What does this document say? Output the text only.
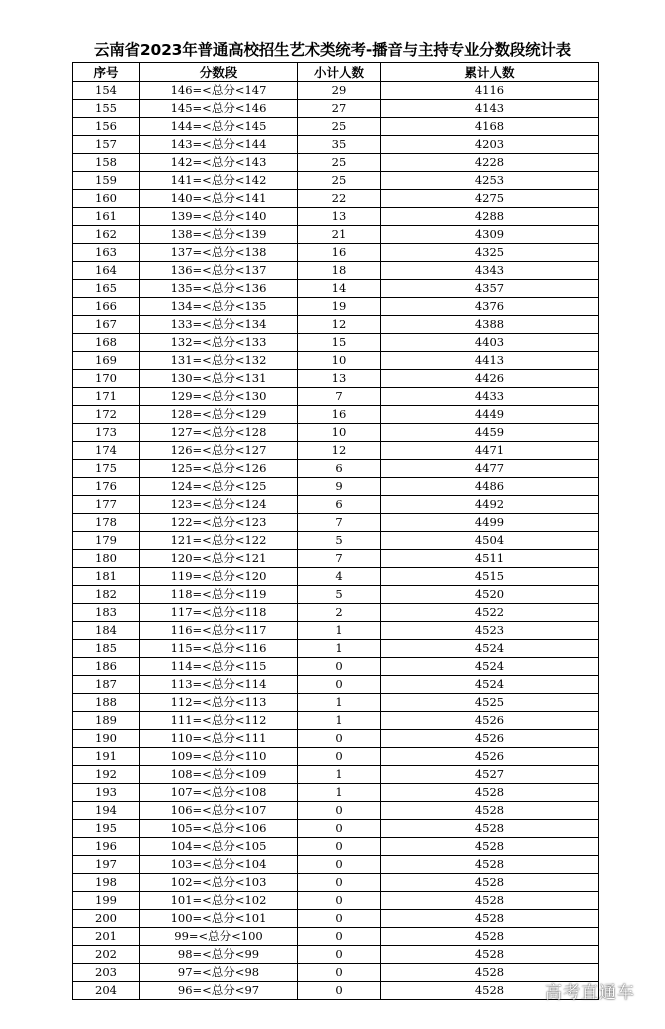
云南省2023年普通高校招生艺术类统考-播音与主持专业分数段统计表
序号	分数段	小计人数	累计人数
154	146=<总分<147	29	4116
155	145=<总分<146	27	4143
156	144=<总分<145	25	4168
157	143=<总分<144	35	4203
158	142=<总分<143	25	4228
159	141=<总分<142	25	4253
160	140=<总分<141	22	4275
161	139=<总分<140	13	4288
162	138=<总分<139	21	4309
163	137=<总分<138	16	4325
164	136=<总分<137	18	4343
165	135=<总分<136	14	4357
166	134=<总分<135	19	4376
167	133=<总分<134	12	4388
168	132=<总分<133	15	4403
169	131=<总分<132	10	4413
170	130=<总分<131	13	4426
171	129=<总分<130	7	4433
172	128=<总分<129	16	4449
173	127=<总分<128	10	4459
174	126=<总分<127	12	4471
175	125=<总分<126	6	4477
176	124=<总分<125	9	4486
177	123=<总分<124	6	4492
178	122=<总分<123	7	4499
179	121=<总分<122	5	4504
180	120=<总分<121	7	4511
181	119=<总分<120	4	4515
182	118=<总分<119	5	4520
183	117=<总分<118	2	4522
184	116=<总分<117	1	4523
185	115=<总分<116	1	4524
186	114=<总分<115	0	4524
187	113=<总分<114	0	4524
188	112=<总分<113	1	4525
189	111=<总分<112	1	4526
190	110=<总分<111	0	4526
191	109=<总分<110	0	4526
192	108=<总分<109	1	4527
193	107=<总分<108	1	4528
194	106=<总分<107	0	4528
195	105=<总分<106	0	4528
196	104=<总分<105	0	4528
197	103=<总分<104	0	4528
198	102=<总分<103	0	4528
199	101=<总分<102	0	4528
200	100=<总分<101	0	4528
201	99=<总分<100	0	4528
202	98=<总分<99	0	4528
203	97=<总分<98	0	4528
204	96=<总分<97	0	4528 高考直通车
